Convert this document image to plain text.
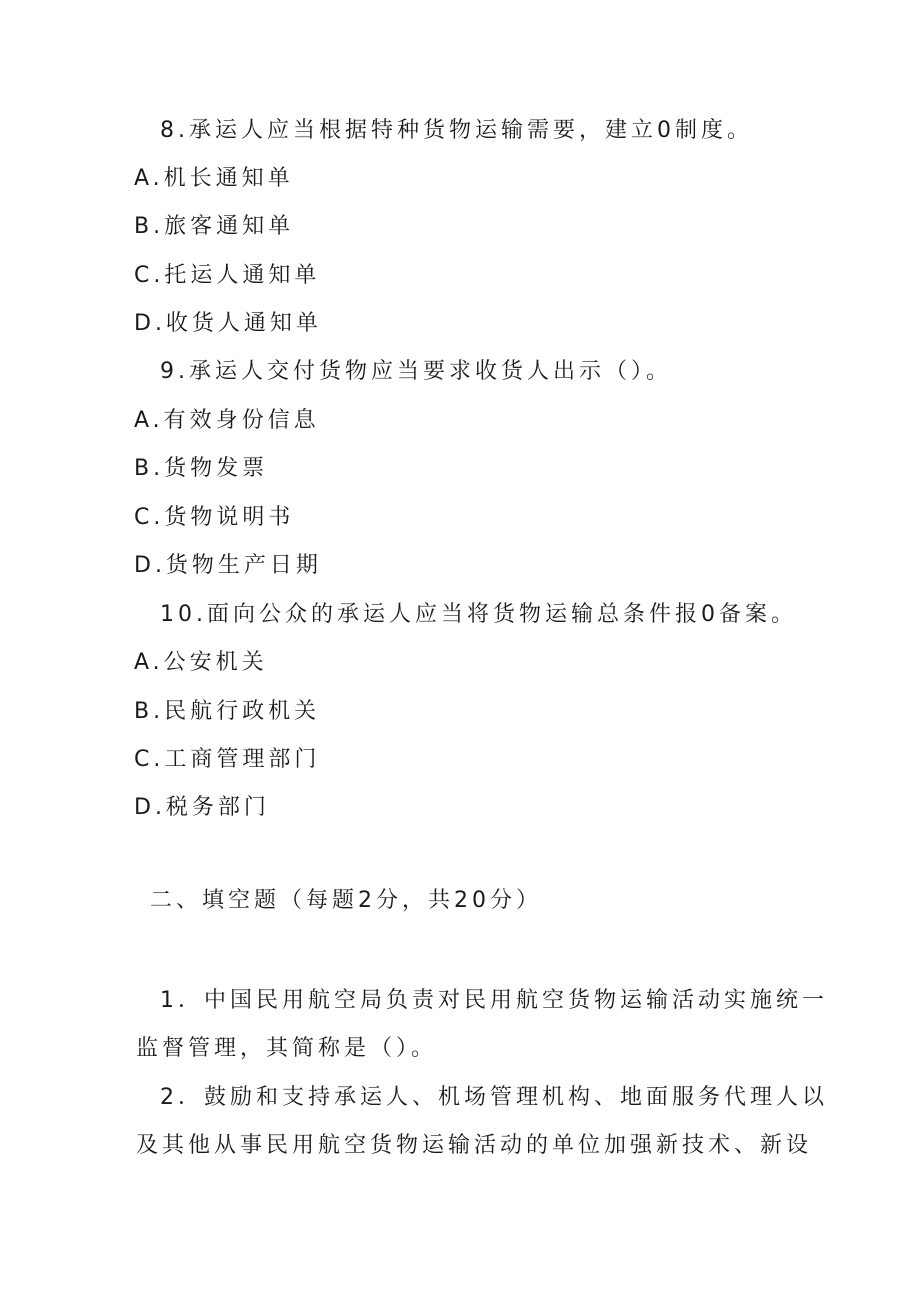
8.承运人应当根据特种货物运输需要，建立0制度。
A.机长通知单
B.旅客通知单
C.托运人通知单
D.收货人通知单
9.承运人交付货物应当要求收货人出示（）。
A.有效身份信息
B.货物发票
C.货物说明书
D.货物生产日期
10.面向公众的承运人应当将货物运输总条件报0备案。
A.公安机关
B.民航行政机关
C.工商管理部门
D.税务部门
二、填空题（每题2分，共20分）
1．中国民用航空局负责对民用航空货物运输活动实施统一
监督管理，其简称是（）。
2．鼓励和支持承运人、机场管理机构、地面服务代理人以
及其他从事民用航空货物运输活动的单位加强新技术、新设
